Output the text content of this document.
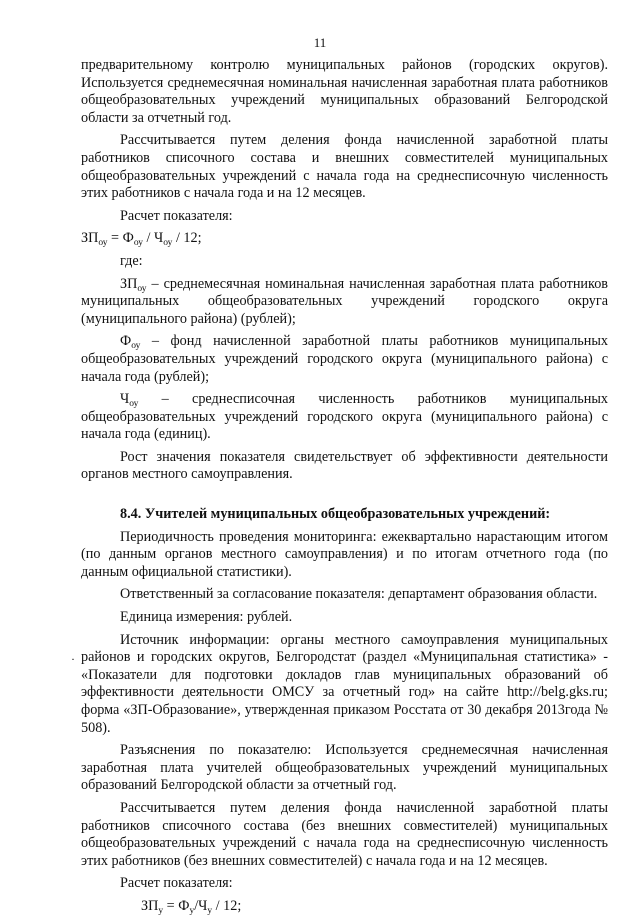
11
·

предварительному контролю муниципальных районов (городских округов). Используется среднемесячная номинальная начисленная заработная плата работников общеобразовательных учреждений муниципальных образований Белгородской области за отчетный год.

Рассчитывается путем деления фонда начисленной заработной платы работников списочного состава и внешних совместителей муниципальных общеобразовательных учреждений с начала года на среднесписочную численность этих работников с начала года и на 12 месяцев.

Расчет показателя:

$ЗП_{оу} = Ф_{оу} / Ч_{оу} / 12$;

где:

$ЗП_{оу}$ – среднемесячная номинальная начисленная заработная плата работников муниципальных общеобразовательных учреждений городского округа (муниципального района) (рублей);

$Ф_{оу}$ – фонд начисленной заработной платы работников муниципальных общеобразовательных учреждений городского округа (муниципального района) с начала года (рублей);

$Ч_{оу}$ – среднесписочная численность работников муниципальных общеобразовательных учреждений городского округа (муниципального района) с начала года (единиц).

Рост значения показателя свидетельствует об эффективности деятельности органов местного самоуправления.

8.4. Учителей муниципальных общеобразовательных учреждений:

Периодичность проведения мониторинга: ежеквартально нарастающим итогом (по данным органов местного самоуправления) и по итогам отчетного года (по данным официальной статистики).

Ответственный за согласование показателя: департамент образования области.

Единица измерения: рублей.

Источник информации: органы местного самоуправления муниципальных районов и городских округов, Белгородстат (раздел «Муниципальная статистика» - «Показатели для подготовки докладов глав муниципальных образований об эффективности деятельности ОМСУ за отчетный год» на сайте http://belg.gks.ru; форма «ЗП-Образование», утвержденная приказом Росстата от 30 декабря 2013года № 508).

Разъяснения по показателю: Используется среднемесячная начисленная заработная плата учителей общеобразовательных учреждений муниципальных образований Белгородской области за отчетный год.

Рассчитывается путем деления фонда начисленной заработной платы работников списочного состава (без внешних совместителей) муниципальных общеобразовательных учреждений с начала года на среднесписочную численность этих работников (без внешних совместителей) с начала года и на 12 месяцев.

Расчет показателя:

$ЗП_у = Ф_у/Ч_у / 12$;
